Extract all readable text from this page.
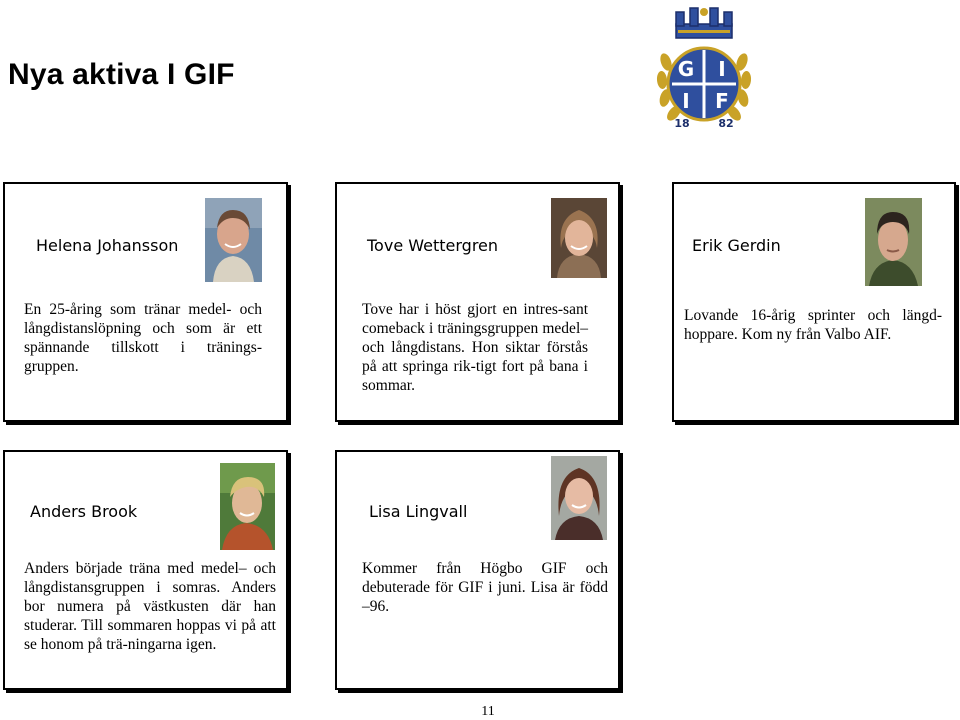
Nya aktiva I GIF	G I
I F
18	82
Helena Johansson
En 25-åring som tränar medel- och långdistanslöpning och som är ett spännande tillskott i tränings-gruppen.
Tove Wettergren
Tove har i höst gjort en intres-sant comeback i träningsgruppen medel– och långdistans. Hon siktar förstås på att springa rik-tigt fort på bana i sommar.
Erik Gerdin
Lovande 16-årig sprinter och längd-hoppare. Kom ny från Valbo AIF.
Anders Brook
Anders började träna med medel– och långdistansgruppen i somras. Anders bor numera på västkusten där han studerar. Till sommaren hoppas vi på att se honom på trä-ningarna igen.
Lisa Lingvall
Kommer från Högbo GIF och debuterade för GIF i juni. Lisa är född –96.
11
